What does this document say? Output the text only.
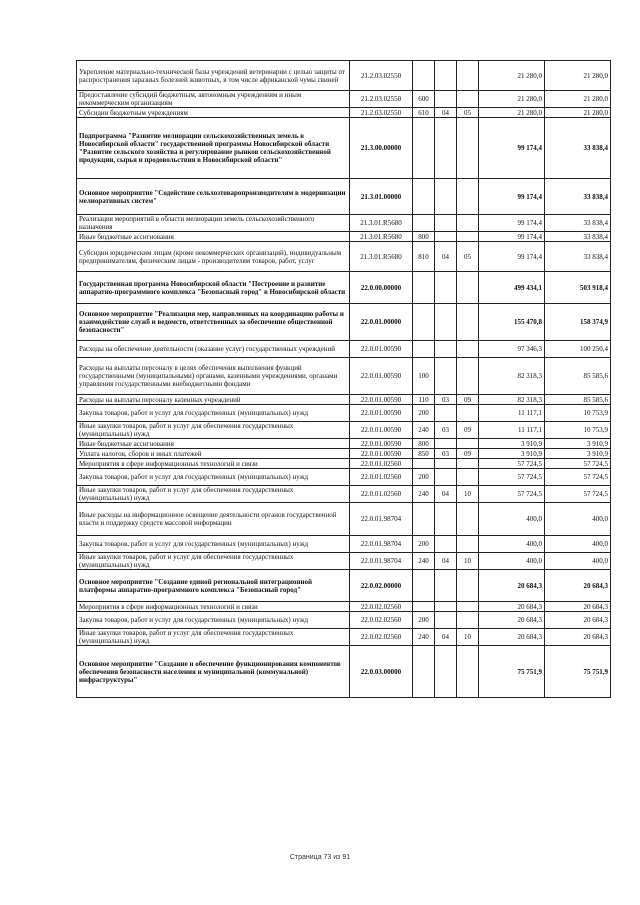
Укрепление материально-технической базы учреждений ветеринарии с целью защиты от распространения заразных болезней животных, в том числе африканской чумы свиней	21.2.03.02550				21 280,0	21 280,0
Предоставление субсидий бюджетным, автономным учреждениям и иным некоммерческим организациям	21.2.03.02550	600			21 280,0	21 280,0
Субсидии бюджетным учреждениям	21.2.03.02550	610	04	05	21 280,0	21 280,0
Подпрограмма "Развитие мелиорации сельскохозяйственных земель в Новосибирской области" государственной программы Новосибирской области "Развитие сельского хозяйства и регулирование рынков сельскохозяйственной продукции, сырья и продовольствия в Новосибирской области"	21.3.00.00000				99 174,4	33 838,4
Основное мероприятие "Содействие сельхозтоваропроизводителям в модернизации мелиоративных систем"	21.3.01.00000				99 174,4	33 838,4
Реализация мероприятий в области мелиорации земель сельскохозяйственного назначения	21.3.01.R5680				99 174,4	33 838,4
Иные бюджетные ассигнования	21.3.01.R5680	800			99 174,4	33 838,4
Субсидии юридическим лицам (кроме некоммерческих организаций), индивидуальным предпринимателям, физическим лицам - производителям товаров, работ, услуг	21.3.01.R5680	810	04	05	99 174,4	33 838,4
Государственная программа Новосибирской области "Построение и развитие аппаратно-программного комплекса "Безопасный город" в Новосибирской области	22.0.00.00000				499 434,1	503 918,4
Основное мероприятие "Реализация мер, направленных на координацию работы и взаимодействие служб и ведомств, ответственных за обеспечение общественной безопасности"	22.0.01.00000				155 470,8	158 374,9
Расходы на обеспечение деятельности (оказание услуг) государственных учреждений	22.0.01.00590				97 346,3	100 250,4
Расходы на выплаты персоналу в целях обеспечения выполнения функций государственными (муниципальными) органами, казенными учреждениями, органами управления государственными внебюджетными фондами	22.0.01.00590	100			82 318,3	85 585,6
Расходы на выплаты персоналу казенных учреждений	22.0.01.00590	110	03	09	82 318,3	85 585,6
Закупка товаров, работ и услуг для государственных (муниципальных) нужд	22.0.01.00590	200			11 117,1	10 753,9
Иные закупки товаров, работ и услуг для обеспечения государственных (муниципальных) нужд	22.0.01.00590	240	03	09	11 117,1	10 753,9
Иные бюджетные ассигнования	22.0.01.00590	800			3 910,9	3 910,9
Уплата налогов, сборов и иных платежей	22.0.01.00590	850	03	09	3 910,9	3 910,9
Мероприятия в сфере информационных технологий и связи	22.0.01.02560				57 724,5	57 724,5
Закупка товаров, работ и услуг для государственных (муниципальных) нужд	22.0.01.02560	200			57 724,5	57 724,5
Иные закупки товаров, работ и услуг для обеспечения государственных (муниципальных) нужд	22.0.01.02560	240	04	10	57 724,5	57 724,5
Иные расходы на информационное освещение деятельности органов государственной власти и поддержку средств массовой информации	22.0.01.98704				400,0	400,0
Закупка товаров, работ и услуг для государственных (муниципальных) нужд	22.0.01.98704	200			400,0	400,0
Иные закупки товаров, работ и услуг для обеспечения государственных (муниципальных) нужд	22.0.01.98704	240	04	10	400,0	400,0
Основное мероприятие "Создание единой региональной интеграционной платформы аппаратно-программного комплекса "Безопасный город"	22.0.02.00000				20 684,3	20 684,3
Мероприятия в сфере информационных технологий и связи	22.0.02.02560				20 684,3	20 684,3
Закупка товаров, работ и услуг для государственных (муниципальных) нужд	22.0.02.02560	200			20 684,3	20 684,3
Иные закупки товаров, работ и услуг для обеспечения государственных (муниципальных) нужд	22.0.02.02560	240	04	10	20 684,3	20 684,3
Основное мероприятие "Создание и обеспечение функционирования компонентов обеспечения безопасности населения и муниципальной (коммунальной) инфраструктуры"	22.0.03.00000				75 751,9	75 751,9
Страница 73 из 91
